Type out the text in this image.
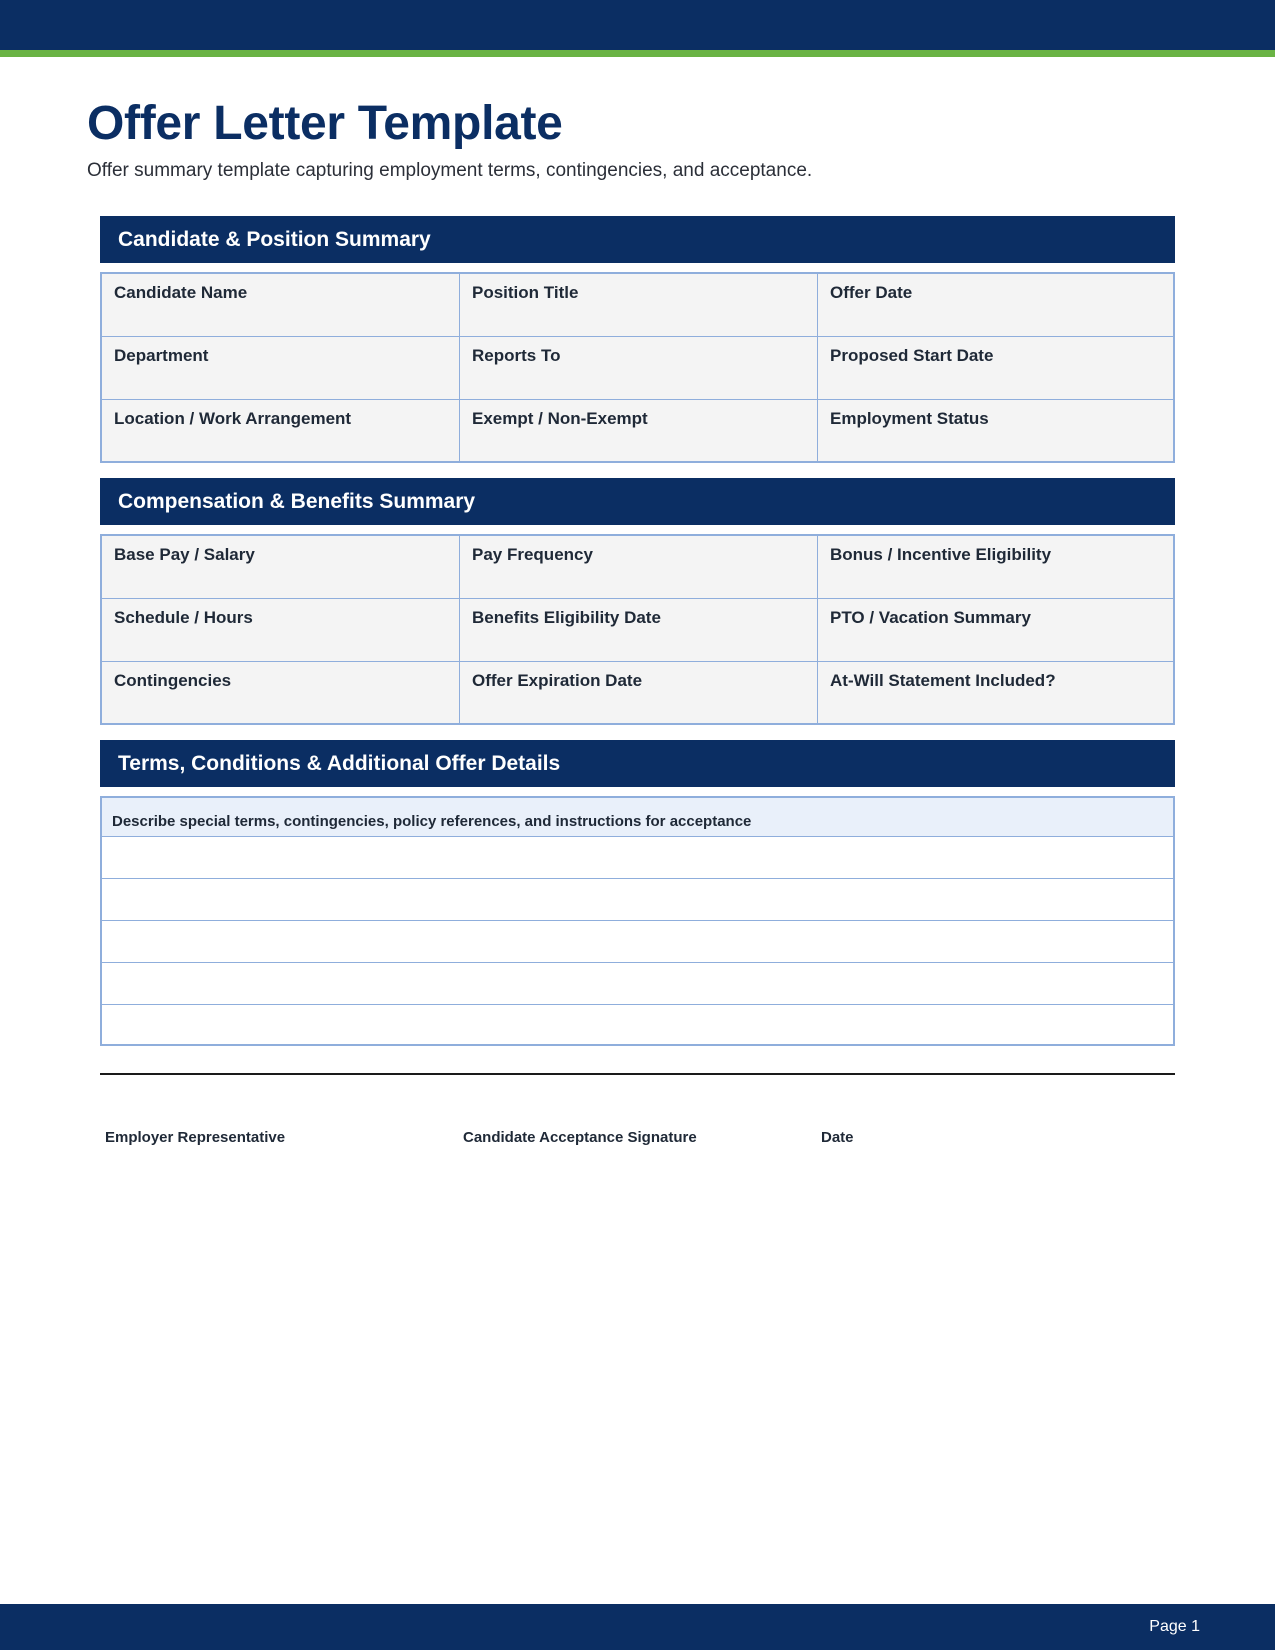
Offer Letter Template

Offer summary template capturing employment terms, contingencies, and acceptance.

Candidate & Position Summary
Candidate Name	Position Title	Offer Date
Department	Reports To	Proposed Start Date
Location / Work Arrangement	Exempt / Non-Exempt	Employment Status
Compensation & Benefits Summary
Base Pay / Salary	Pay Frequency	Bonus / Incentive Eligibility
Schedule / Hours	Benefits Eligibility Date	PTO / Vacation Summary
Contingencies	Offer Expiration Date	At-Will Statement Included?
Terms, Conditions & Additional Offer Details
Describe special terms, contingencies, policy references, and instructions for acceptance
Employer Representative	Candidate Acceptance Signature	Date
Page 1
